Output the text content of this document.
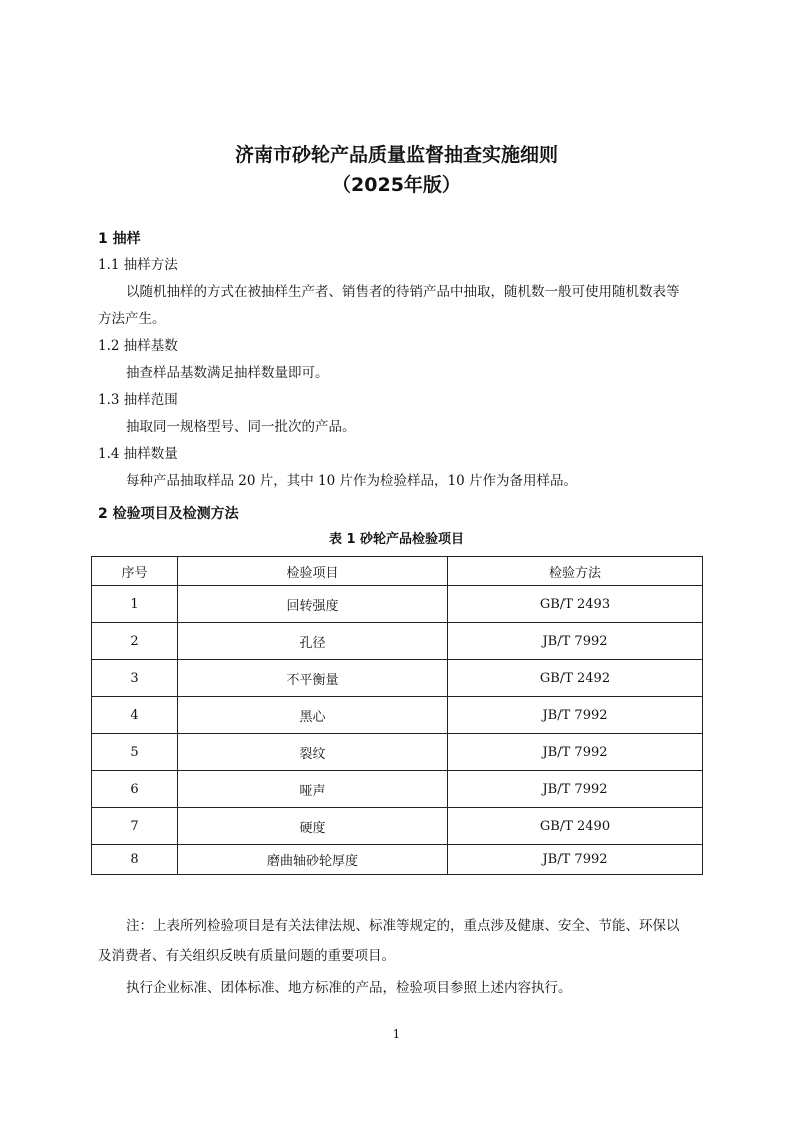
济南市砂轮产品质量监督抽查实施细则
（2025年版）
1 抽样
1.1 抽样方法
以随机抽样的方式在被抽样生产者、销售者的待销产品中抽取，随机数一般可使用随机数表等
方法产生。
1.2 抽样基数
抽查样品基数满足抽样数量即可。
1.3 抽样范围
抽取同一规格型号、同一批次的产品。
1.4 抽样数量
每种产品抽取样品 20 片，其中 10 片作为检验样品，10 片作为备用样品。
2 检验项目及检测方法
表 1 砂轮产品检验项目
序号	检验项目	检验方法
1	回转强度	GB/T 2493
2	孔径	JB/T 7992
3	不平衡量	GB/T 2492
4	黑心	JB/T 7992
5	裂纹	JB/T 7992
6	哑声	JB/T 7992
7	硬度	GB/T 2490
8	磨曲轴砂轮厚度	JB/T 7992
注：上表所列检验项目是有关法律法规、标准等规定的，重点涉及健康、安全、节能、环保以
及消费者、有关组织反映有质量问题的重要项目。
执行企业标准、团体标准、地方标准的产品，检验项目参照上述内容执行。
1
